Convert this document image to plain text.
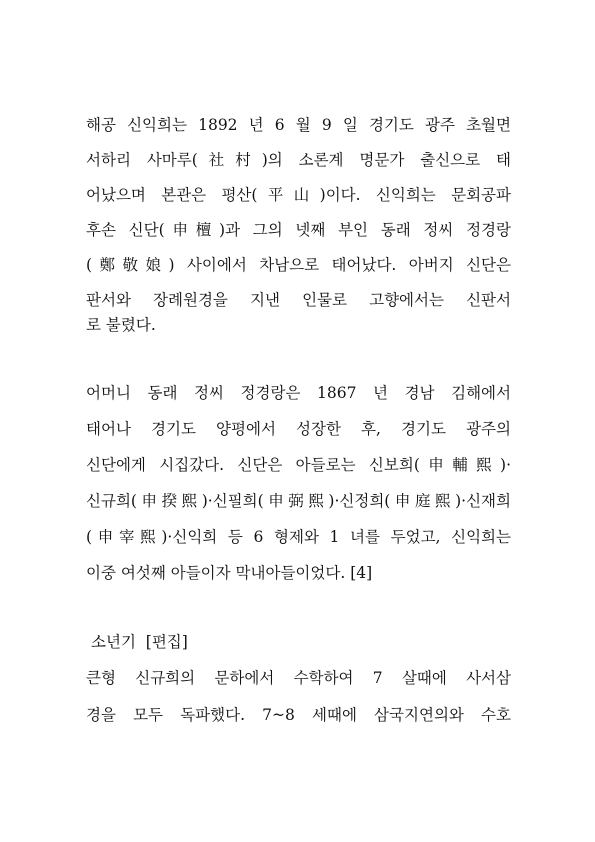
해공 신익희는 1892 년 6 월 9 일 경기도 광주 초월면
서하리 사마루(社村)의 소론계 명문가 출신으로 태
어났으며 본관은 평산(平山)이다. 신익희는 문회공파
후손 신단(申檀)과 그의 넷째 부인 동래 정씨 정경랑
(鄭敬娘) 사이에서 차남으로 태어났다. 아버지 신단은
판서와 장례원경을 지낸 인물로 고향에서는 신판서
로 불렸다.
어머니 동래 정씨 정경랑은 1867 년 경남 김해에서
태어나 경기도 양평에서 성장한 후, 경기도 광주의
신단에게 시집갔다. 신단은 아들로는 신보희(申輔熙)·
신규희(申揆熙)·신필희(申弼熙)·신정희(申庭熙)·신재희
(申宰熙)·신익희 등 6 형제와 1 녀를 두었고, 신익희는
이중 여섯째 아들이자 막내아들이었다. [4]
소년기  [편집]
큰형 신규희의 문하에서 수학하여 7 살때에 사서삼
경을 모두 독파했다. 7~8 세때에 삼국지연의와 수호
